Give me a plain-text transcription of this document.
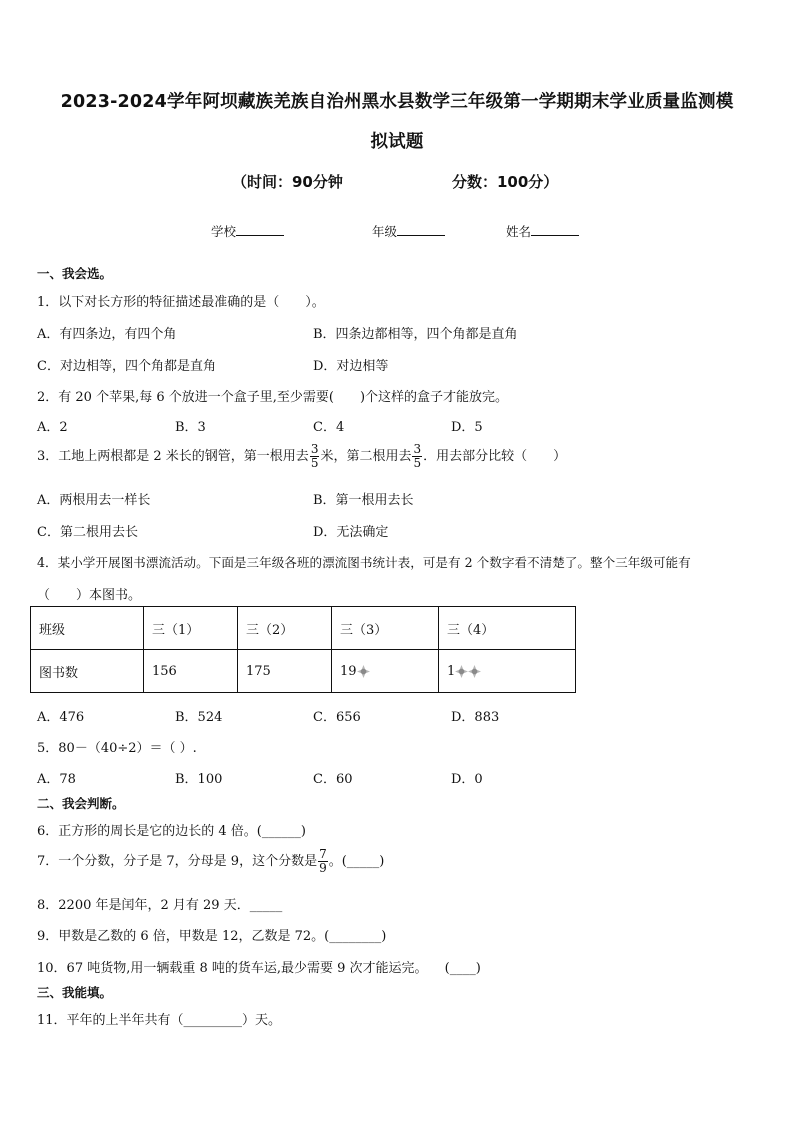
2023-2024学年阿坝藏族羌族自治州黑水县数学三年级第一学期期末学业质量监测模
拟试题
（时间：90分钟	分数：100分）
学校	年级	姓名
一、我会选。
1．以下对长方形的特征描述最准确的是（　　）。
A．有四条边，有四个角	B．四条边都相等，四个角都是直角
C．对边相等，四个角都是直角	D．对边相等
2．有 20 个苹果,每 6 个放进一个盒子里,至少需要(　　)个这样的盒子才能放完。
A．2	B．3	C．4	D．5
3．工地上两根都是 2 米长的钢管，第一根用去 $\frac{3}{5}$ 米，第二根用去 $\frac{3}{5}$ ．用去部分比较（　　）
A．两根用去一样长	B．第一根用去长
C．第二根用去长	D．无法确定
4．某小学开展图书漂流活动。下面是三年级各班的漂流图书统计表，可是有 2 个数字看不清楚了。整个三年级可能有
（　　）本图书。
班级	三（1）	三（2）	三（3）	三（4）
图书数	156	175	19	1
A．476	B．524	C．656	D．883
5．80－（40÷2）＝（ ）.
A．78	B．100	C．60	D．0
二、我会判断。
6．正方形的周长是它的边长的 4 倍。(______)
7．一个分数，分子是 7，分母是 9，这个分数是 $\frac{7}{9}$ 。(_____)
8．2200 年是闰年，2 月有 29 天．_____
9．甲数是乙数的 6 倍，甲数是 12，乙数是 72。(________)
10．67 吨货物,用一辆载重 8 吨的货车运,最少需要 9 次才能运完。 　(____)
三、我能填。
11．平年的上半年共有（_________）天。
